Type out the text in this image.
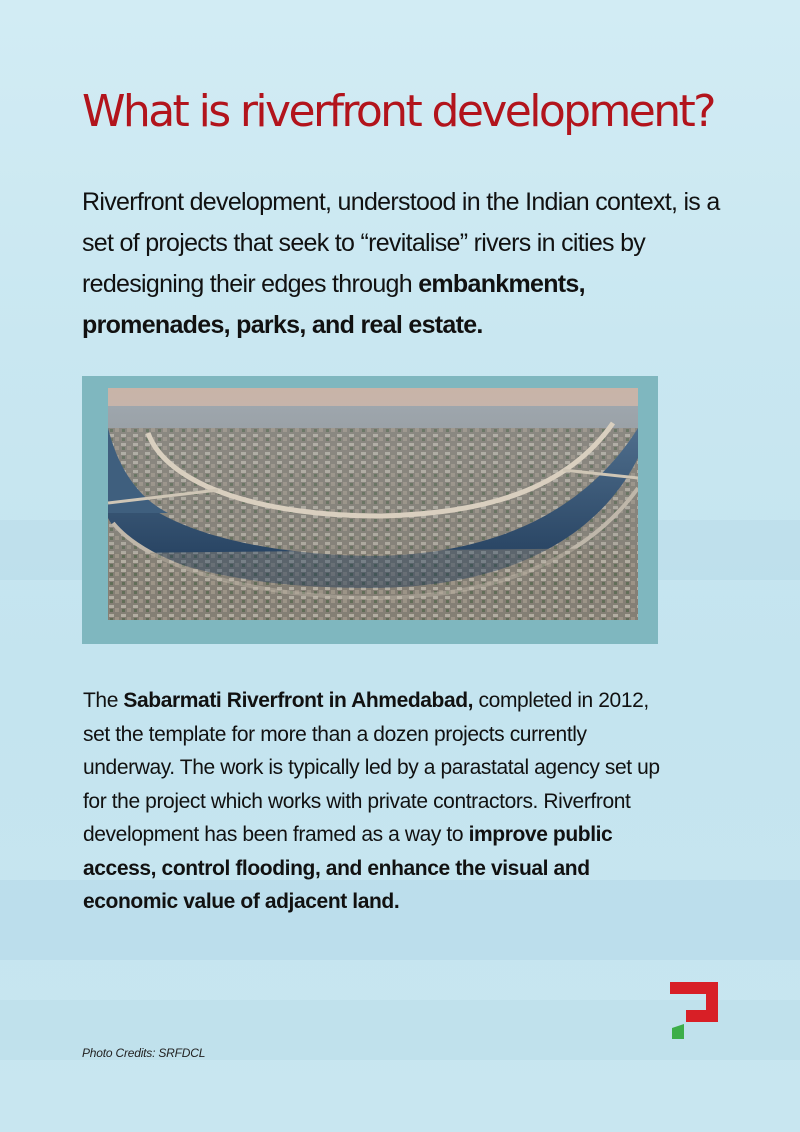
What is riverfront development?

Riverfront development, understood in the Indian context, is a set of projects that seek to “revitalise” rivers in cities by redesigning their edges through embankments, promenades, parks, and real estate.

The Sabarmati Riverfront in Ahmedabad, completed in 2012, set the template for more than a dozen projects currently underway. The work is typically led by a parastatal agency set up for the project which works with private contractors. Riverfront development has been framed as a way to improve public access, control flooding, and enhance the visual and economic value of adjacent land.

Photo Credits: SRFDCL
